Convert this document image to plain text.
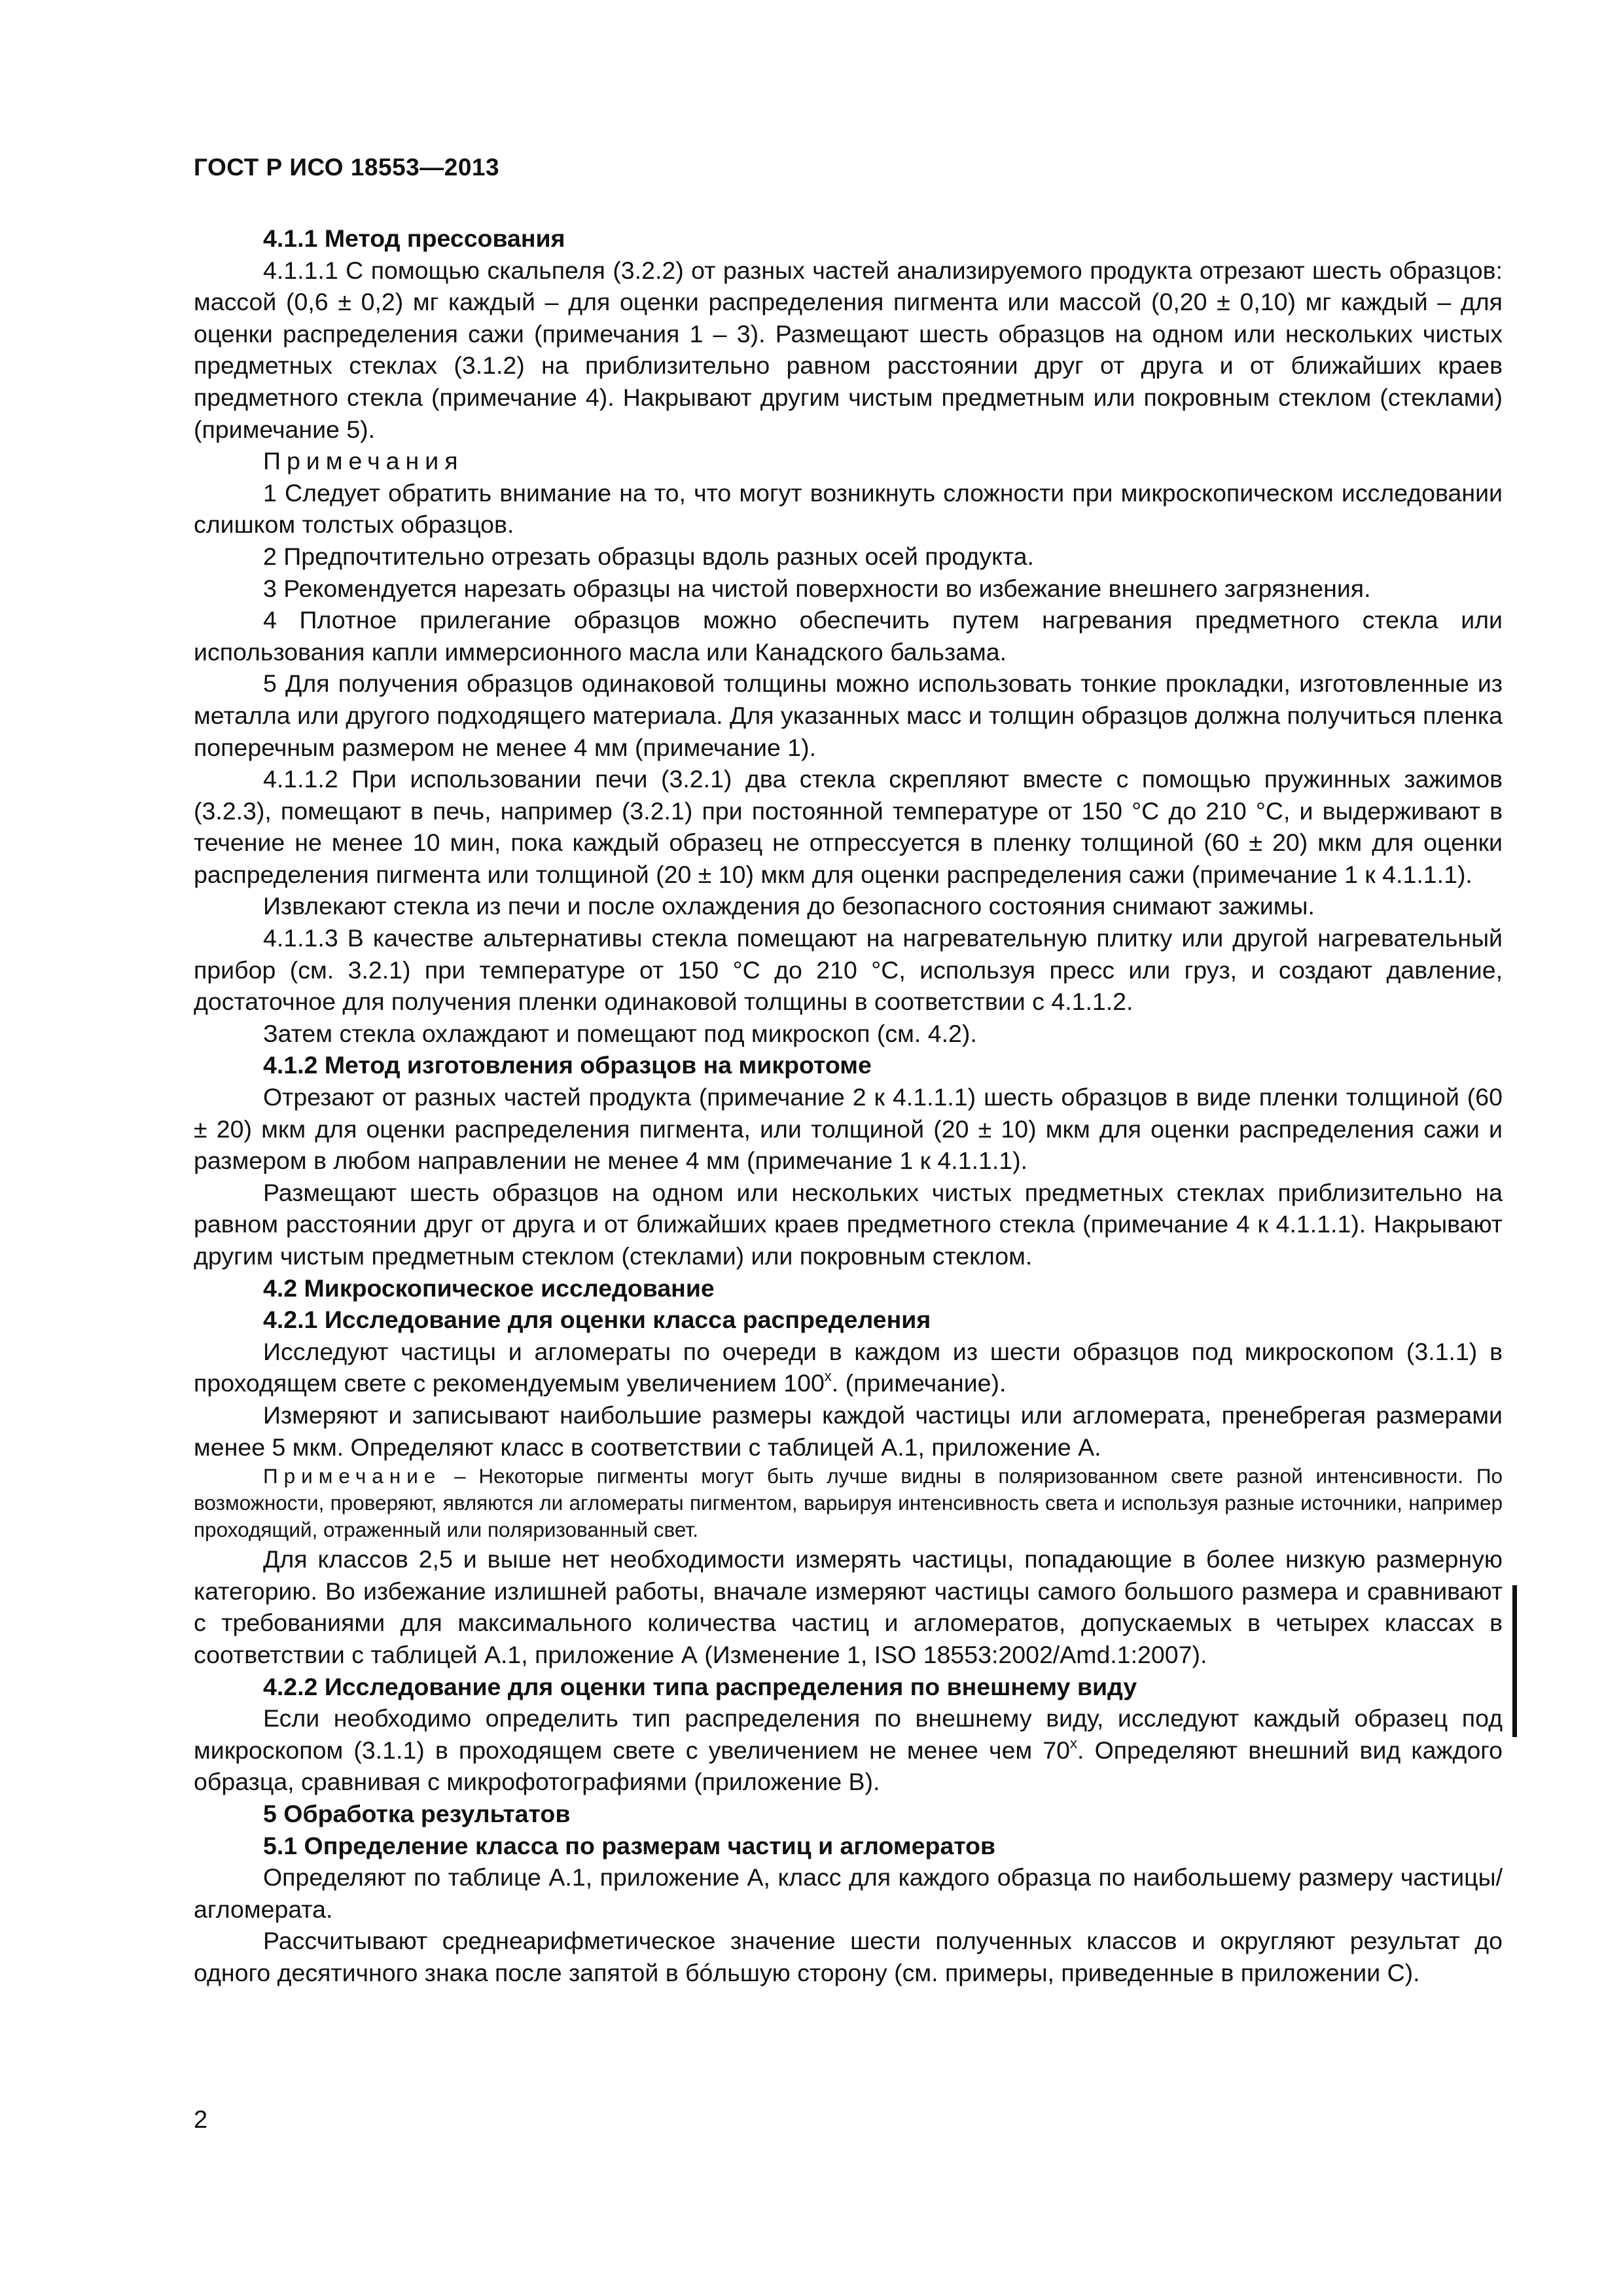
ГОСТ Р ИСО 18553—2013

4.1.1 Метод прессования

4.1.1.1 С помощью скальпеля (3.2.2) от разных частей анализируемого продукта отрезают шесть образцов: массой (0,6 ± 0,2) мг каждый – для оценки распределения пигмента или массой (0,20 ± 0,10) мг каждый – для оценки распределения сажи (примечания 1 – 3). Размещают шесть образцов на одном или нескольких чистых предметных стеклах (3.1.2) на приблизительно равном расстоянии друг от друга и от ближайших краев предметного стекла (примечание 4). Накрывают другим чистым предметным или покровным стеклом (стеклами) (примечание 5).

Примечания

1 Следует обратить внимание на то, что могут возникнуть сложности при микроскопическом исследовании слишком толстых образцов.

2 Предпочтительно отрезать образцы вдоль разных осей продукта.

3 Рекомендуется нарезать образцы на чистой поверхности во избежание внешнего загрязнения.

4 Плотное прилегание образцов можно обеспечить путем нагревания предметного стекла или использования капли иммерсионного масла или Канадского бальзама.

5 Для получения образцов одинаковой толщины можно использовать тонкие прокладки, изготовленные из металла или другого подходящего материала. Для указанных масс и толщин образцов должна получиться пленка поперечным размером не менее 4 мм (примечание 1).

4.1.1.2 При использовании печи (3.2.1) два стекла скрепляют вместе с помощью пружинных зажимов (3.2.3), помещают в печь, например (3.2.1) при постоянной температуре от 150 °С до 210 °С, и выдерживают в течение не менее 10 мин, пока каждый образец не отпрессуется в пленку толщиной (60 ± 20) мкм для оценки распределения пигмента или толщиной (20 ± 10) мкм для оценки распределения сажи (примечание 1 к 4.1.1.1).

Извлекают стекла из печи и после охлаждения до безопасного состояния снимают зажимы.

4.1.1.3 В качестве альтернативы стекла помещают на нагревательную плитку или другой нагревательный прибор (см. 3.2.1) при температуре от 150 °С до 210 °С, используя пресс или груз, и создают давление, достаточное для получения пленки одинаковой толщины в соответствии с 4.1.1.2.

Затем стекла охлаждают и помещают под микроскоп (см. 4.2).

4.1.2 Метод изготовления образцов на микротоме

Отрезают от разных частей продукта (примечание 2 к 4.1.1.1) шесть образцов в виде пленки толщиной (60 ± 20) мкм для оценки распределения пигмента, или толщиной (20 ± 10) мкм для оценки распределения сажи и размером в любом направлении не менее 4 мм (примечание 1 к 4.1.1.1).

Размещают шесть образцов на одном или нескольких чистых предметных стеклах приблизительно на равном расстоянии друг от друга и от ближайших краев предметного стекла (примечание 4 к 4.1.1.1). Накрывают другим чистым предметным стеклом (стеклами) или покровным стеклом.

4.2 Микроскопическое исследование

4.2.1 Исследование для оценки класса распределения

Исследуют частицы и агломераты по очереди в каждом из шести образцов под микроскопом (3.1.1) в проходящем свете с рекомендуемым увеличением 100$^x$. (примечание).

Измеряют и записывают наибольшие размеры каждой частицы или агломерата, пренебрегая размерами менее 5 мкм. Определяют класс в соответствии с таблицей А.1, приложение А.

Примечание – Некоторые пигменты могут быть лучше видны в поляризованном свете разной интенсивности. По возможности, проверяют, являются ли агломераты пигментом, варьируя интенсивность света и используя разные источники, например проходящий, отраженный или поляризованный свет.

Для классов 2,5 и выше нет необходимости измерять частицы, попадающие в более низкую размерную категорию. Во избежание излишней работы, вначале измеряют частицы самого большого размера и сравнивают с требованиями для максимального количества частиц и агломератов, допускаемых в четырех классах в соответствии с таблицей А.1, приложение А (Изменение 1, ISO 18553:2002/Amd.1:2007).

4.2.2 Исследование для оценки типа распределения по внешнему виду

Если необходимо определить тип распределения по внешнему виду, исследуют каждый образец под микроскопом (3.1.1) в проходящем свете с увеличением не менее чем 70$^x$. Определяют внешний вид каждого образца, сравнивая с микрофотографиями (приложение В).

5 Обработка результатов

5.1 Определение класса по размерам частиц и агломератов

Определяют по таблице А.1, приложение А, класс для каждого образца по наибольшему размеру частицы/агломерата.

Рассчитывают среднеарифметическое значение шести полученных классов и округляют результат до одного десятичного знака после запятой в бóльшую сторону (см. примеры, приведенные в приложении С).

2
